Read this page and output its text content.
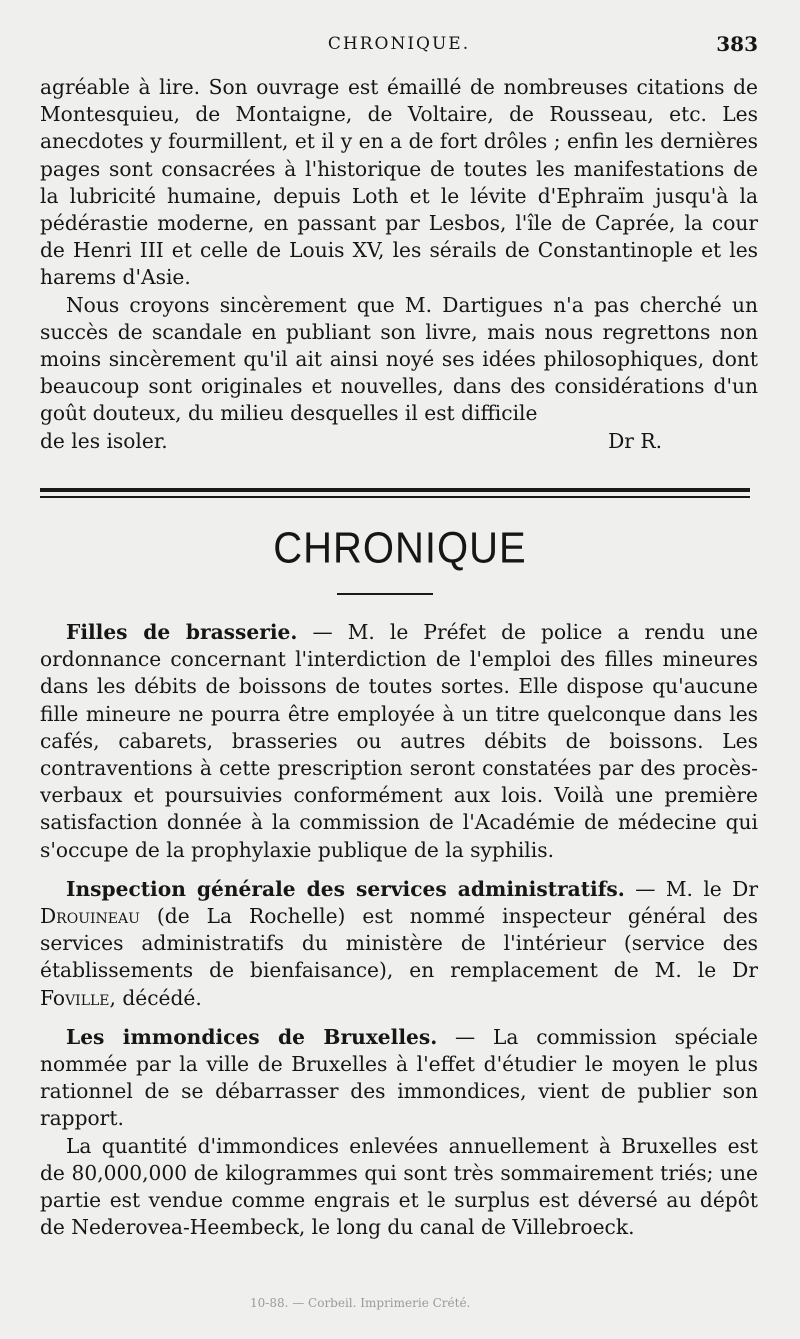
CHRONIQUE.	383

agréable à lire. Son ouvrage est émaillé de nombreuses citations de Montesquieu, de Montaigne, de Voltaire, de Rousseau, etc. Les anecdotes y fourmillent, et il y en a de fort drôles ; enfin les dernières pages sont consacrées à l'historique de toutes les manifestations de la lubricité humaine, depuis Loth et le lévite d'Ephraïm jusqu'à la pédérastie moderne, en passant par Lesbos, l'île de Caprée, la cour de Henri III et celle de Louis XV, les sérails de Constantinople et les harems d'Asie.

Nous croyons sincèrement que M. Dartigues n'a pas cherché un succès de scandale en publiant son livre, mais nous regrettons non moins sincèrement qu'il ait ainsi noyé ses idées philosophiques, dont beaucoup sont originales et nouvelles, dans des considérations d'un goût douteux, du milieu desquelles il est difficile

de les isoler.	Dr R.
CHRONIQUE

Filles de brasserie. — M. le Préfet de police a rendu une ordonnance concernant l'interdiction de l'emploi des filles mineures dans les débits de boissons de toutes sortes. Elle dispose qu'aucune fille mineure ne pourra être employée à un titre quelconque dans les cafés, cabarets, brasseries ou autres débits de boissons. Les contraventions à cette prescription seront constatées par des procès-verbaux et poursuivies conformément aux lois. Voilà une première satisfaction donnée à la commission de l'Académie de médecine qui s'occupe de la prophylaxie publique de la syphilis.

Inspection générale des services administratifs. — M. le Dr Drouineau (de La Rochelle) est nommé inspecteur général des services administratifs du ministère de l'intérieur (service des établissements de bienfaisance), en remplacement de M. le Dr Foville, décédé.

Les immondices de Bruxelles. — La commission spéciale nommée par la ville de Bruxelles à l'effet d'étudier le moyen le plus rationnel de se débarrasser des immondices, vient de publier son rapport.

La quantité d'immondices enlevées annuellement à Bruxelles est de 80,000,000 de kilogrammes qui sont très sommairement triés; une partie est vendue comme engrais et le surplus est déversé au dépôt de Nederovea-Heembeck, le long du canal de Villebroeck.

10-88. — Corbeil. Imprimerie Crété.
